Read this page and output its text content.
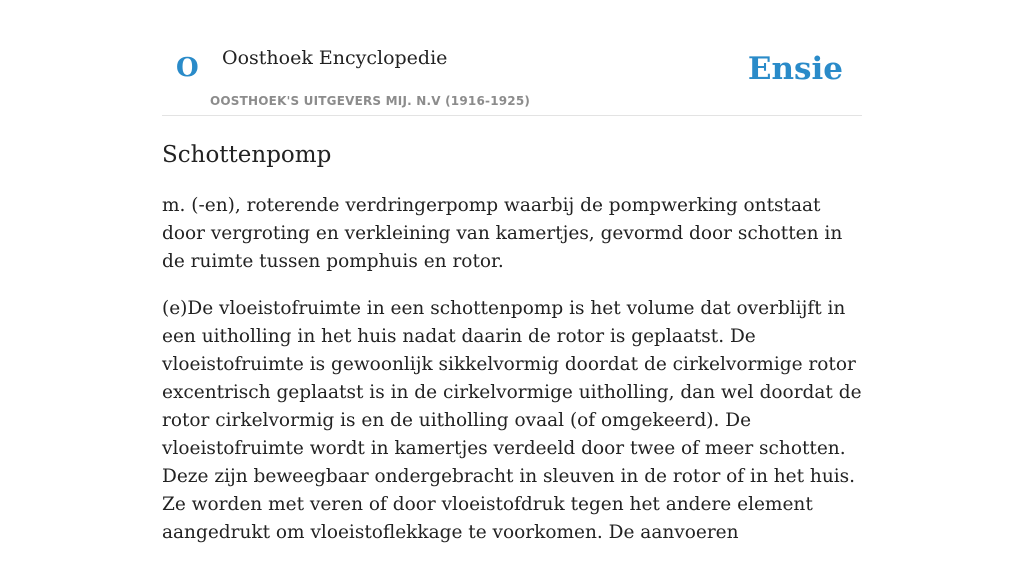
O Oosthoek Encyclopedie
OOSTHOEK'S UITGEVERS MIJ. N.V (1916-1925)
Ensie
Schottenpomp

m. (-en), roterende verdringerpomp waarbij de pompwerking ontstaat door vergroting en verkleining van kamertjes, gevormd door schotten in de ruimte tussen pomphuis en rotor.

(e)De vloeistofruimte in een schottenpomp is het volume dat overblijft in een uitholling in het huis nadat daarin de rotor is geplaatst. De vloeistofruimte is gewoonlijk sikkelvormig doordat de cirkelvormige rotor excentrisch geplaatst is in de cirkelvormige uitholling, dan wel doordat de rotor cirkelvormig is en de uitholling ovaal (of omgekeerd). De vloeistofruimte wordt in kamertjes verdeeld door twee of meer schotten. Deze zijn beweegbaar ondergebracht in sleuven in de rotor of in het huis. Ze worden met veren of door vloeistofdruk tegen het andere element aangedrukt om vloeistoflekkage te voorkomen. De aanvoeren
